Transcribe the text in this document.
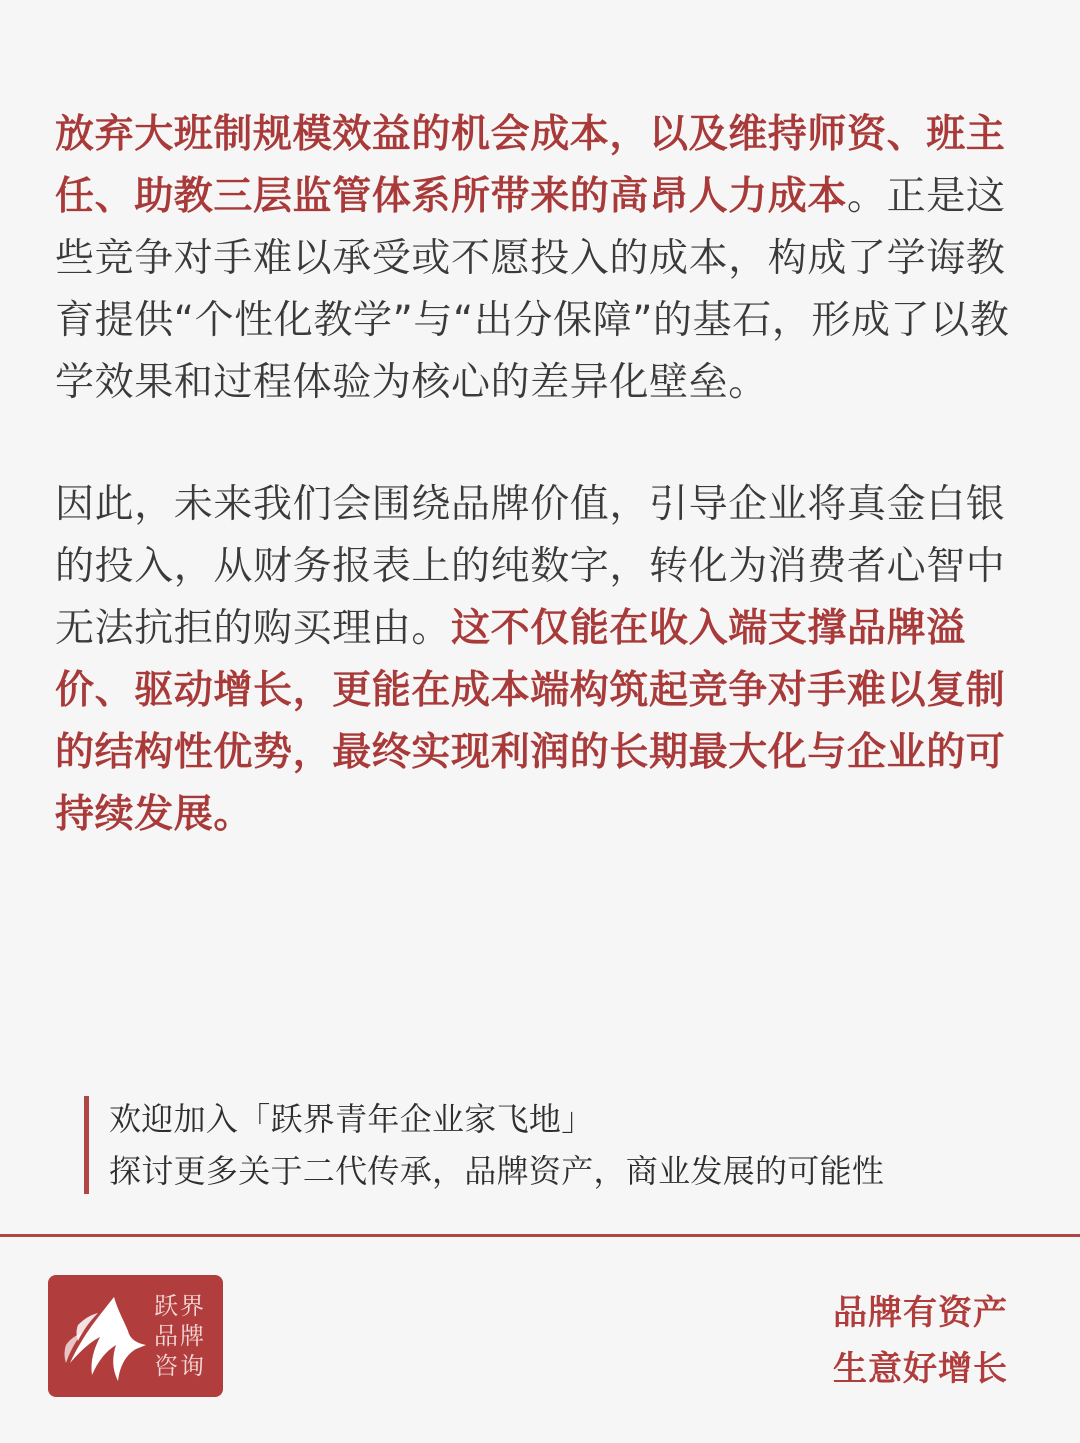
放弃大班制规模效益的机会成本，以及维持师资、班主任、助教三层监管体系所带来的高昂人力成本。正是这些竞争对手难以承受或不愿投入的成本，构成了学诲教育提供“个性化教学”与“出分保障”的基石，形成了以教学效果和过程体验为核心的差异化壁垒。

因此，未来我们会围绕品牌价值，引导企业将真金白银的投入，从财务报表上的纯数字，转化为消费者心智中无法抗拒的购买理由。这不仅能在收入端支撑品牌溢价、驱动增长，更能在成本端构筑起竞争对手难以复制的结构性优势，最终实现利润的长期最大化与企业的可持续发展。

欢迎加入「跃界青年企业家飞地」
探讨更多关于二代传承，品牌资产，商业发展的可能性
跃界
品牌
咨询
品牌有资产
生意好增长
